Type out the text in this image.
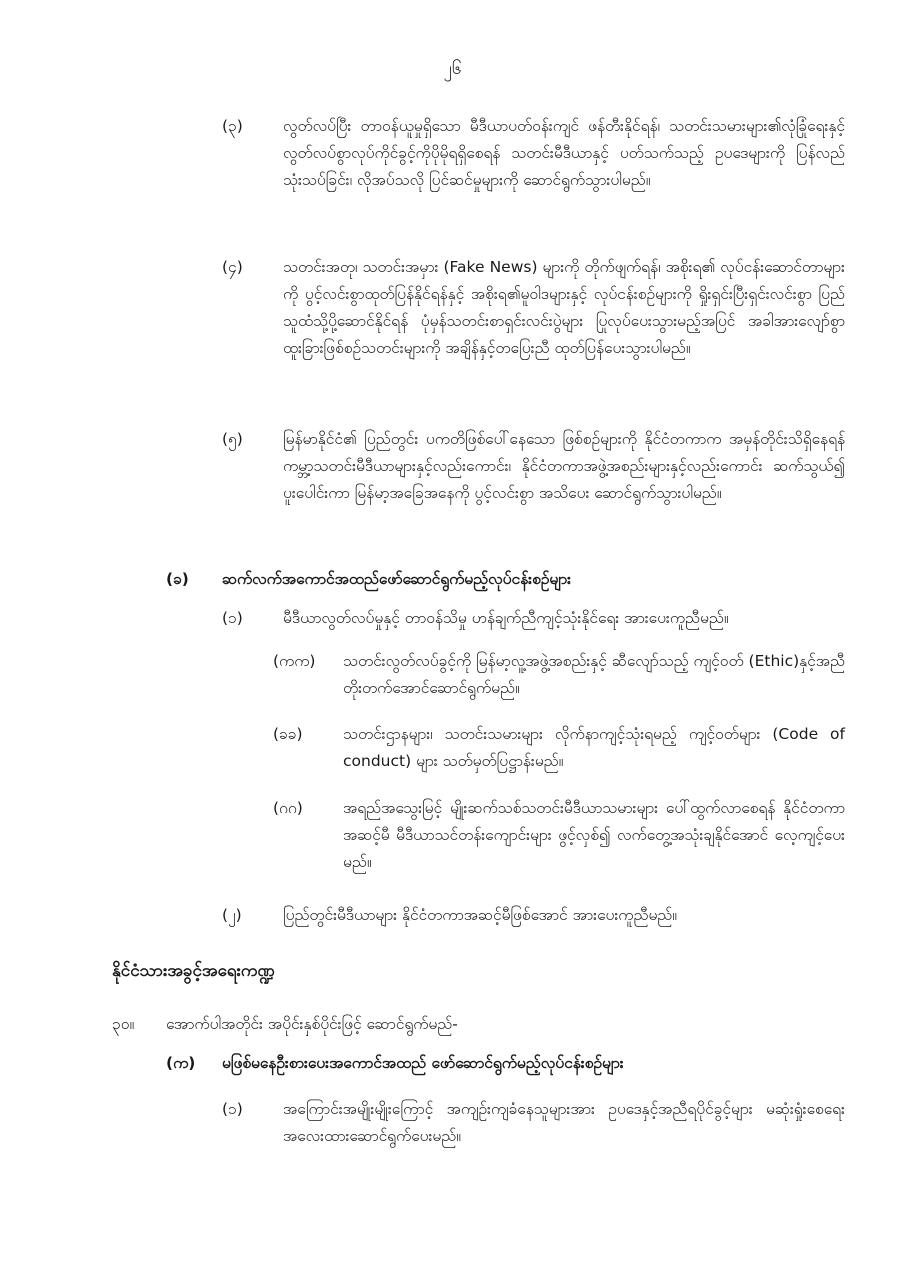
၂၆
(၃)	လွတ်လပ်ပြီး တာဝန်ယူမှုရှိသော မီဒီယာပတ်ဝန်းကျင် ဖန်တီးနိုင်ရန်၊ သတင်းသမားများ၏လုံခြုံရေးနှင့် လွတ်လပ်စွာလုပ်ကိုင်ခွင့်ကိုပိုမိုရရှိစေရန် သတင်းမီဒီယာနှင့် ပတ်သက်သည့် ဥပဒေများကို ပြန်လည်သုံးသပ်ခြင်း၊ လိုအပ်သလို ပြင်ဆင်မှုများကို ဆောင်ရွက်သွားပါမည်။
(၄)	သတင်းအတု၊ သတင်းအမှား (Fake News) များကို တိုက်ဖျက်ရန်၊ အစိုးရ၏ လုပ်ငန်းဆောင်တာများကို ပွင့်လင်းစွာထုတ်ပြန်နိုင်ရန်နှင့် အစိုးရ၏မူဝါဒများနှင့် လုပ်ငန်းစဉ်များကို ရှိုးရှင်းပြီးရှင်းလင်းစွာ ပြည်သူထံသို့ပို့ဆောင်နိုင်ရန် ပုံမှန်သတင်းစာရှင်းလင်းပွဲများ ပြုလုပ်ပေးသွားမည့်အပြင် အခါအားလျော်စွာ ထူးခြားဖြစ်စဉ်သတင်းများကို အချိန်နှင့်တပြေးညီ ထုတ်ပြန်ပေးသွားပါမည်။
(၅)	မြန်မာနိုင်ငံ၏ ပြည်တွင်း ပကတိဖြစ်ပေါ်နေသော ဖြစ်စဉ်များကို နိုင်ငံတကာက အမှန်တိုင်းသိရှိနေရန် ကမ္ဘာ့သတင်းမီဒီယာများနှင့်လည်းကောင်း၊ နိုင်ငံတကာအဖွဲ့အစည်းများနှင့်လည်းကောင်း ဆက်သွယ်၍ ပူးပေါင်းကာ မြန်မာ့အခြေအနေကို ပွင့်လင်းစွာ အသိပေး ဆောင်ရွက်သွားပါမည်။
(ခ) ဆက်လက်အကောင်အထည်ဖော်ဆောင်ရွက်မည့်လုပ်ငန်းစဉ်များ
(၁)	မီဒီယာလွတ်လပ်မှုနှင့် တာဝန်သိမှု ဟန်ချက်ညီကျင့်သုံးနိုင်ရေး အားပေးကူညီမည်။
(ကက) သတင်းလွတ်လပ်ခွင့်ကို မြန်မာ့လူ့အဖွဲ့အစည်းနှင့် ဆီလျော်သည့် ကျင့်ဝတ် (Ethic)နှင့်အညီ တိုးတက်အောင်ဆောင်ရွက်မည်။
(ခခ)	သတင်းဌာနများ၊ သတင်းသမားများ လိုက်နာကျင့်သုံးရမည့် ကျင့်ဝတ်များ (Code of conduct) များ သတ်မှတ်ပြဋ္ဌာန်းမည်။
(ဂဂ)	အရည်အသွေးမြင့် မျိုးဆက်သစ်သတင်းမီဒီယာသမားများ ပေါ်ထွက်လာစေရန် နိုင်ငံတကာအဆင့်မီ မီဒီယာသင်တန်းကျောင်းများ ဖွင့်လှစ်၍ လက်တွေ့အသုံးချနိုင်အောင် လေ့ကျင့်ပေးမည်။
(၂)	ပြည်တွင်းမီဒီယာများ နိုင်ငံတကာအဆင့်မီဖြစ်အောင် အားပေးကူညီမည်။
နိုင်ငံသားအခွင့်အရေးကဏ္ဍ
၃၀။ အောက်ပါအတိုင်း အပိုင်းနှစ်ပိုင်းဖြင့် ဆောင်ရွက်မည်-
(က) မဖြစ်မနေဦးစားပေးအကောင်အထည် ဖော်ဆောင်ရွက်မည့်လုပ်ငန်းစဉ်များ
(၁)	အကြောင်းအမျိုးမျိုးကြောင့် အကျဉ်းကျခံနေသူများအား ဥပဒေနှင့်အညီရပိုင်ခွင့်များ မဆုံးရှုံးစေရေး အလေးထားဆောင်ရွက်ပေးမည်။
